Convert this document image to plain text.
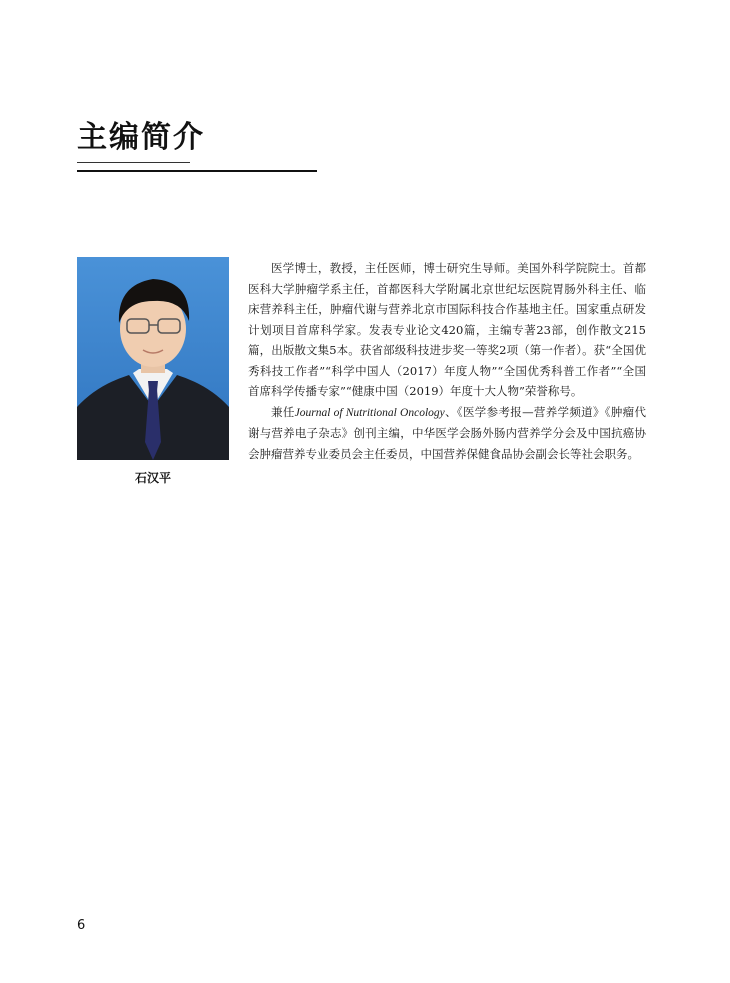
主编简介
石汉平

医学博士，教授，主任医师，博士研究生导师。美国外科学院院士。首都医科大学肿瘤学系主任，首都医科大学附属北京世纪坛医院胃肠外科主任、临床营养科主任，肿瘤代谢与营养北京市国际科技合作基地主任。国家重点研发计划项目首席科学家。发表专业论文420篇，主编专著23部，创作散文215篇，出版散文集5本。获省部级科技进步奖一等奖2项（第一作者）。获“全国优秀科技工作者”“科学中国人（2017）年度人物”“全国优秀科普工作者”“全国首席科学传播专家”“健康中国（2019）年度十大人物”荣誉称号。

兼任Journal of Nutritional Oncology、《医学参考报—营养学频道》《肿瘤代谢与营养电子杂志》创刊主编，中华医学会肠外肠内营养学分会及中国抗癌协会肿瘤营养专业委员会主任委员，中国营养保健食品协会副会长等社会职务。

6
